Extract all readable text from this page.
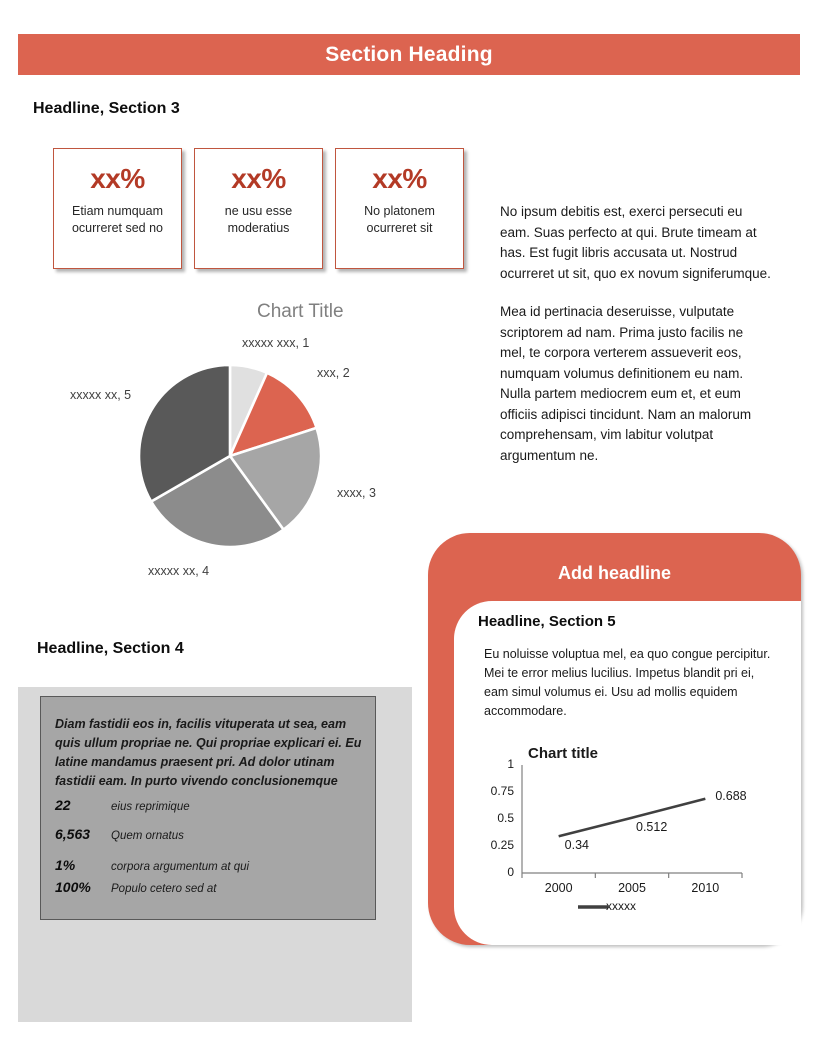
Section Heading
Headline, Section 3
xx%
Etiam numquam ocurreret sed no
xx%
ne usu esse moderatius
xx%
No platonem ocurreret sit

No ipsum debitis est, exerci persecuti eu eam. Suas perfecto at qui. Brute timeam at has. Est fugit libris accusata ut. Nostrud ocurreret ut sit, quo ex novum signiferumque.

Mea id pertinacia deseruisse, vulputate scriptorem ad nam. Prima justo facilis ne mel, te corpora verterem assueverit eos, numquam volumus definitionem eu nam. Nulla partem mediocrem eum et, et eum officiis adipisci tincidunt. Nam an malorum comprehensam, vim labitur volutpat argumentum ne.

Chart Title
xxxxx xxx, 1
xxx, 2
xxxx, 3
xxxxx xx, 4
xxxxx xx, 5
Headline, Section 4
Diam fastidii eos in, facilis vituperata ut sea, eam quis ullum propriae ne. Qui propriae explicari ei. Eu latine mandamus praesent pri. Ad dolor utinam fastidii eam. In purto vivendo conclusionemque
22	eius reprimique
6,563	Quem ornatus
1%	corpora argumentum at qui
100%	Populo cetero sed at
Add headline
Headline, Section 5
Eu noluisse voluptua mel, ea quo congue percipitur. Mei te error melius lucilius. Impetus blandit pri ei, eam simul volumus ei. Usu ad mollis equidem accommodare.
Chart title
0
0.25
0.5
0.75
1
2000	2005	2010
0.34
0.512
0.688
xxxxx
